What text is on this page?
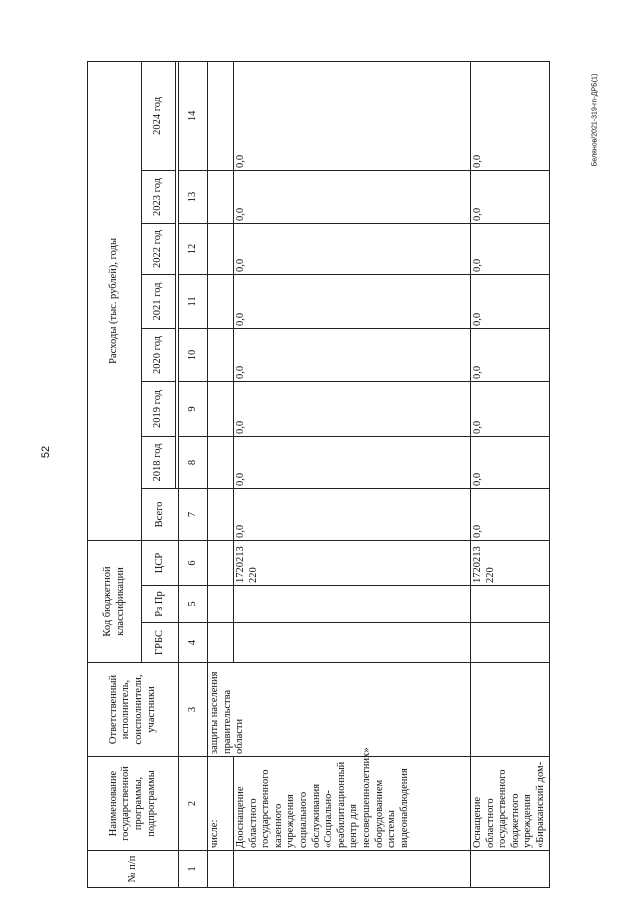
52
Белянов/2021-319-rn-ДРБ(1)
№ п/п	Наименование государственной программы, подпрограммы	Ответственный исполнитель, соисполнители, участники	Код бюджетной классификации			Расходы (тыс. рублей), годы							
			ГРБС	Рз Пр	ЦСР	Всего	2018 год	2019 год	2020 год	2021 год	2022 год	2023 год	2024 год

1	2	3	4	5	6	7	8	9	10	11	12	13	14
	числе:	защиты населения правительства области											
	Дооснащение областного государственного казенного учреждения социального обслуживания «Социально-реабилитационный центр для несовершеннолетних» оборудованием системы видеонаблюдения				1720213220	0,0	0,0	0,0	0,0	0,0	0,0	0,0	0,0
	Оснащение областного государственного бюджетного учреждения «Бираканский дом-				1720213220	0,0	0,0	0,0	0,0	0,0	0,0	0,0	0,0
